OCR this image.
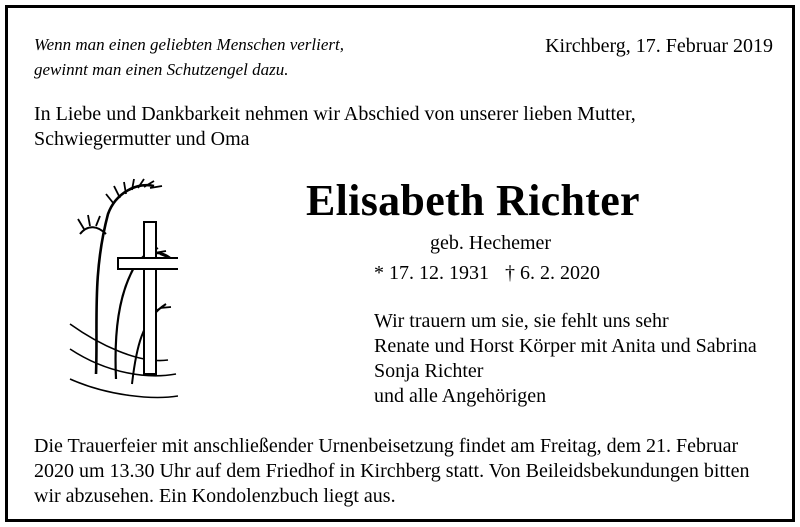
Wenn man einen geliebten Menschen verliert,
gewinnt man einen Schutzengel dazu.
Kirchberg, 17. Februar 2019
In Liebe und Dankbarkeit nehmen wir Abschied von unserer lieben Mutter,
Schwiegermutter und Oma
Elisabeth Richter
geb. Hechemer
* 17. 12. 1931 † 6. 2. 2020
Wir trauern um sie, sie fehlt uns sehr
Renate und Horst Körper mit Anita und Sabrina
Sonja Richter
und alle Angehörigen
Die Trauerfeier mit anschließender Urnenbeisetzung findet am Freitag, dem 21. Februar
2020 um 13.30 Uhr auf dem Friedhof in Kirchberg statt. Von Beileidsbekundungen bitten
wir abzusehen. Ein Kondolenzbuch liegt aus.
